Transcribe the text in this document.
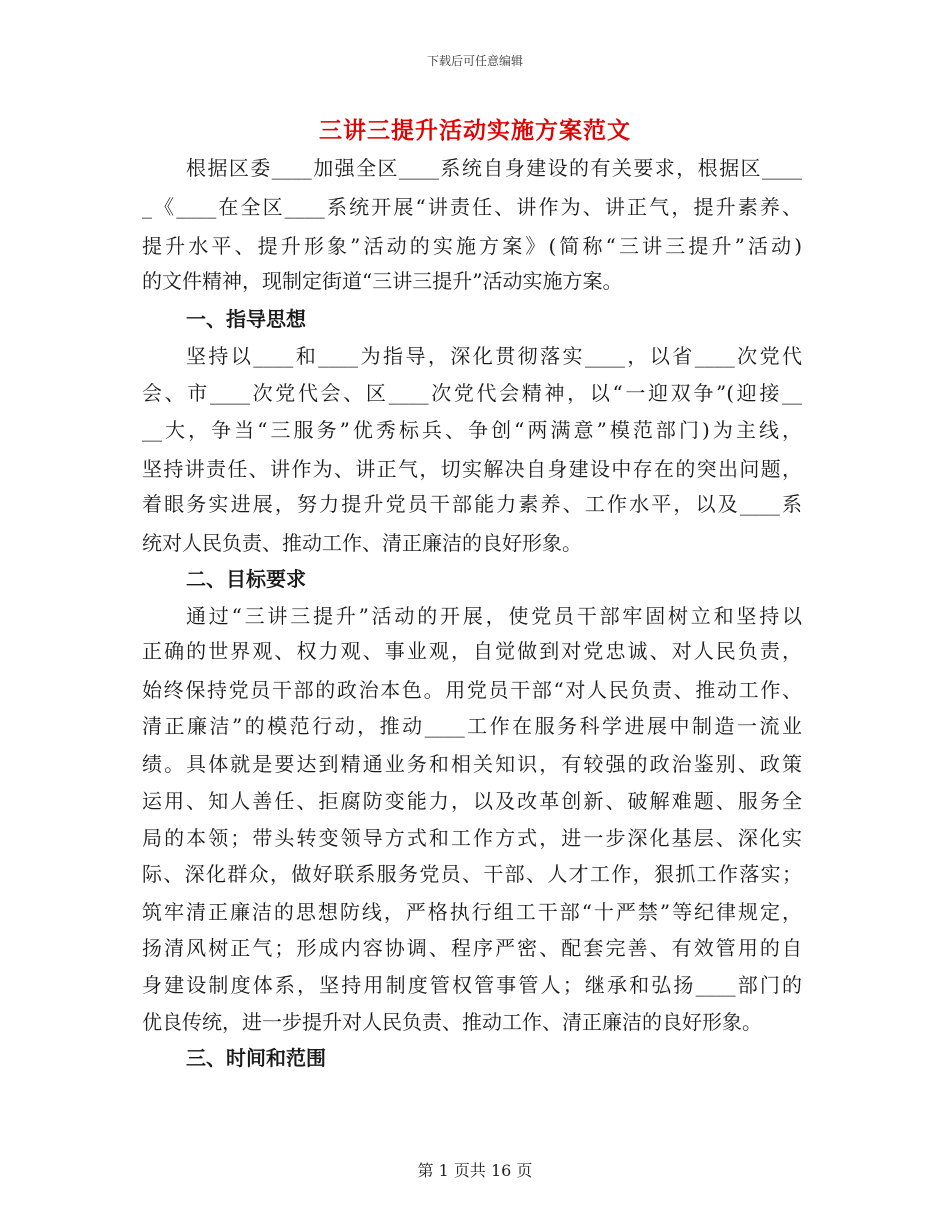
下载后可任意编辑
三讲三提升活动实施方案范文
根据区委____加强全区____系统自身建设的有关要求，根据区____
_《____在全区____系统开展“讲责任、讲作为、讲正气，提升素养、
提升水平、提升形象”活动的实施方案》(简称“三讲三提升”活动)
的文件精神，现制定街道“三讲三提升”活动实施方案。
一、指导思想
坚持以____和____为指导，深化贯彻落实____，以省____次党代
会、市____次党代会、区____次党代会精神，以“一迎双争”(迎接__
__大，争当“三服务”优秀标兵、争创“两满意”模范部门)为主线，
坚持讲责任、讲作为、讲正气，切实解决自身建设中存在的突出问题，
着眼务实进展，努力提升党员干部能力素养、工作水平，以及____系
统对人民负责、推动工作、清正廉洁的良好形象。
二、目标要求
通过“三讲三提升”活动的开展，使党员干部牢固树立和坚持以
正确的世界观、权力观、事业观，自觉做到对党忠诚、对人民负责，
始终保持党员干部的政治本色。用党员干部“对人民负责、推动工作、
清正廉洁”的模范行动，推动____工作在服务科学进展中制造一流业
绩。具体就是要达到精通业务和相关知识，有较强的政治鉴别、政策
运用、知人善任、拒腐防变能力，以及改革创新、破解难题、服务全
局的本领；带头转变领导方式和工作方式，进一步深化基层、深化实
际、深化群众，做好联系服务党员、干部、人才工作，狠抓工作落实；
筑牢清正廉洁的思想防线，严格执行组工干部“十严禁”等纪律规定，
扬清风树正气；形成内容协调、程序严密、配套完善、有效管用的自
身建设制度体系，坚持用制度管权管事管人；继承和弘扬____部门的
优良传统，进一步提升对人民负责、推动工作、清正廉洁的良好形象。
三、时间和范围
第 1 页共 16 页
